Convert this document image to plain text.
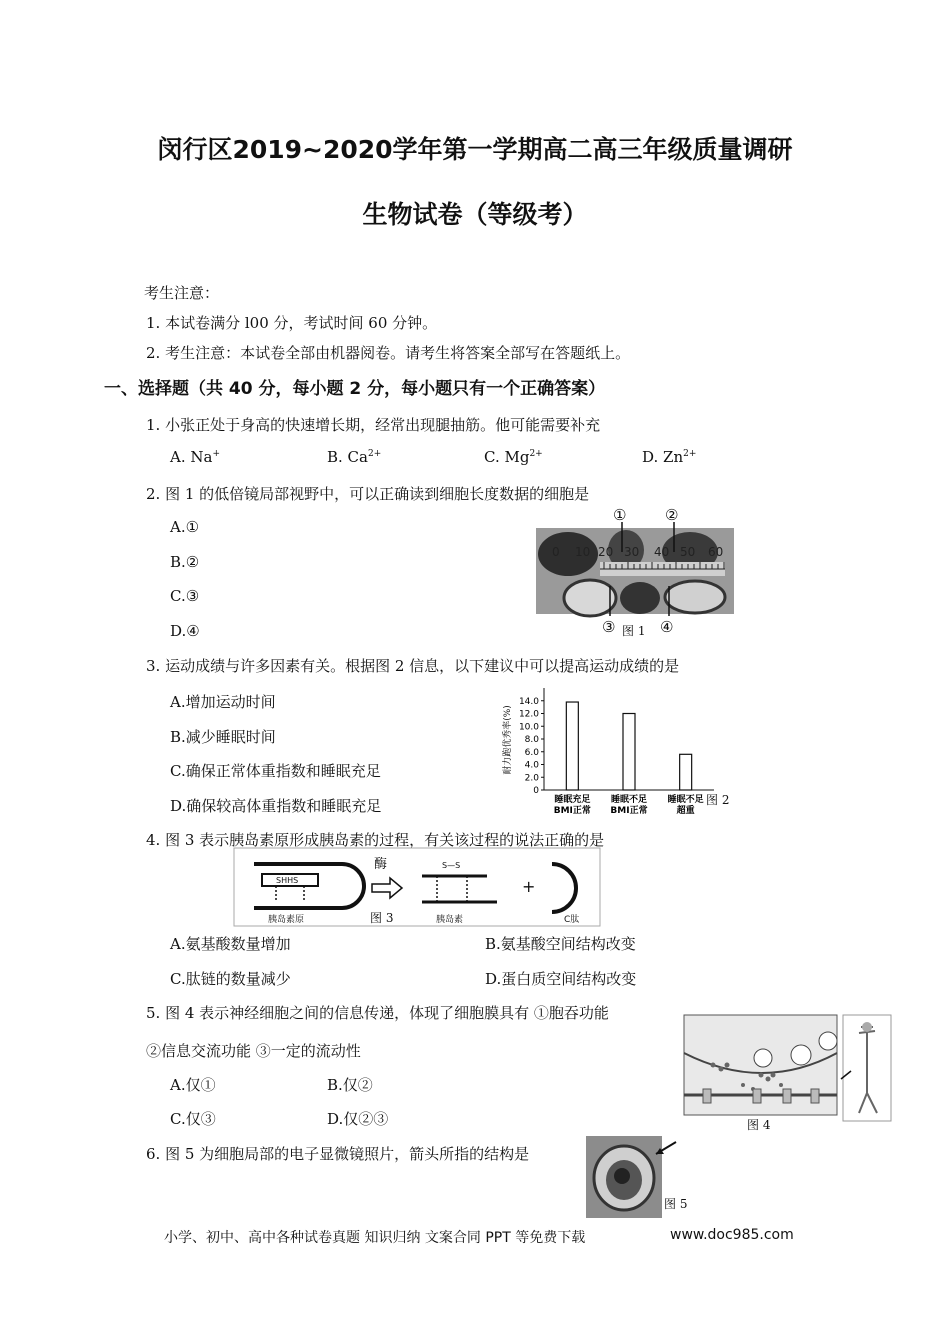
闵行区2019~2020学年第一学期高二高三年级质量调研
生物试卷（等级考）
考生注意：
1. 本试卷满分 l00 分，考试时间 60 分钟。
2. 考生注意：本试卷全部由机器阅卷。请考生将答案全部写在答题纸上。
一、选择题（共 40 分，每小题 2 分，每小题只有一个正确答案）
1. 小张正处于身高的快速增长期，经常出现腿抽筋。他可能需要补充
A. Na+	B. $Ca^{2+}$	C. $Mg^{2+}$	D. $Zn^{2+}$
2. 图 1 的低倍镜局部视野中，可以正确读到细胞长度数据的细胞是
A.①
B.②
C.③
D.④
0 10 20 30 40 50 60
①	②
③	④
图 1
3. 运动成绩与许多因素有关。根据图 2 信息，以下建议中可以提高运动成绩的是
A.增加运动时间
B.减少睡眠时间
C.确保正常体重指数和睡眠充足
D.确保较高体重指数和睡眠充足
耐力跑优秀率(%)
0
2.0
4.0
6.0
8.0
10.0
12.0
14.0
睡眠充足
BMI正常
睡眠不足
BMI正常
睡眠不足
超重
图 2
4. 图 3 表示胰岛素原形成胰岛素的过程，有关该过程的说法正确的是
SHHS
胰岛素原
酶
图 3
S—S
胰岛素
+
C肽
A.氨基酸数量增加	B.氨基酸空间结构改变
C.肽链的数量减少	D.蛋白质空间结构改变
5. 图 4 表示神经细胞之间的信息传递，体现了细胞膜具有 ①胞吞功能
②信息交流功能 ③一定的流动性
A.仅①	B.仅②
C.仅③	D.仅②③	图 4
6. 图 5 为细胞局部的电子显微镜照片，箭头所指的结构是
图 5
小学、初中、高中各种试卷真题 知识归纳 文案合同 PPT 等免费下载	www.doc985.com
